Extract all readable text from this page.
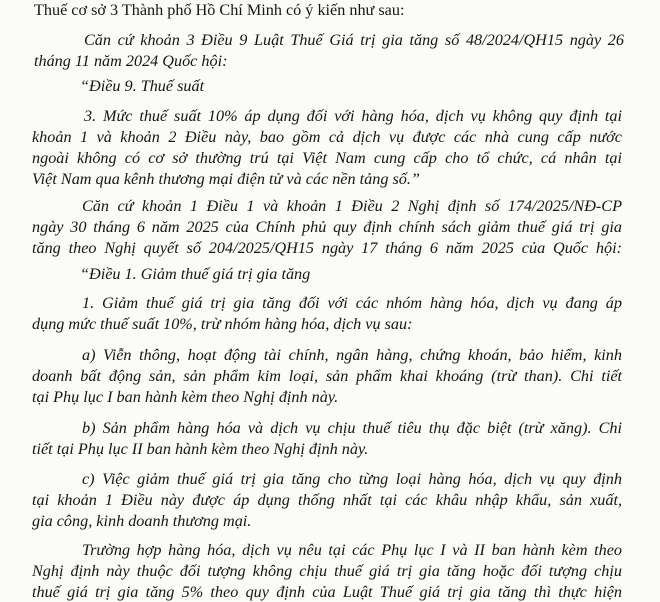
Thuế cơ sở 3 Thành phố Hồ Chí Minh có ý kiến như sau:
Căn cứ khoản 3 Điều 9 Luật Thuế Giá trị gia tăng số 48/2024/QH15 ngày 26
tháng 11 năm 2024 Quốc hội:
“Điều 9. Thuế suất
3. Mức thuế suất 10% áp dụng đối với hàng hóa, dịch vụ không quy định tại
khoản 1 và khoản 2 Điều này, bao gồm cả dịch vụ được các nhà cung cấp nước
ngoài không có cơ sở thường trú tại Việt Nam cung cấp cho tổ chức, cá nhân tại
Việt Nam qua kênh thương mại điện tử và các nền tảng số.”
Căn cứ khoản 1 Điều 1 và khoản 1 Điều 2 Nghị định số 174/2025/NĐ-CP
ngày 30 tháng 6 năm 2025 của Chính phủ quy định chính sách giảm thuế giá trị gia
tăng theo Nghị quyết số 204/2025/QH15 ngày 17 tháng 6 năm 2025 của Quốc hội:
“Điều 1. Giảm thuế giá trị gia tăng
1. Giảm thuế giá trị gia tăng đối với các nhóm hàng hóa, dịch vụ đang áp
dụng mức thuế suất 10%, trừ nhóm hàng hóa, dịch vụ sau:
a) Viễn thông, hoạt động tài chính, ngân hàng, chứng khoán, bảo hiểm, kinh
doanh bất động sản, sản phẩm kim loại, sản phẩm khai khoáng (trừ than). Chi tiết
tại Phụ lục I ban hành kèm theo Nghị định này.
b) Sản phẩm hàng hóa và dịch vụ chịu thuế tiêu thụ đặc biệt (trừ xăng). Chi
tiết tại Phụ lục II ban hành kèm theo Nghị định này.
c) Việc giảm thuế giá trị gia tăng cho từng loại hàng hóa, dịch vụ quy định
tại khoản 1 Điều này được áp dụng thống nhất tại các khâu nhập khẩu, sản xuất,
gia công, kinh doanh thương mại.
Trường hợp hàng hóa, dịch vụ nêu tại các Phụ lục I và II ban hành kèm theo
Nghị định này thuộc đối tượng không chịu thuế giá trị gia tăng hoặc đối tượng chịu
thuế giá trị gia tăng 5% theo quy định của Luật Thuế giá trị gia tăng thì thực hiện
